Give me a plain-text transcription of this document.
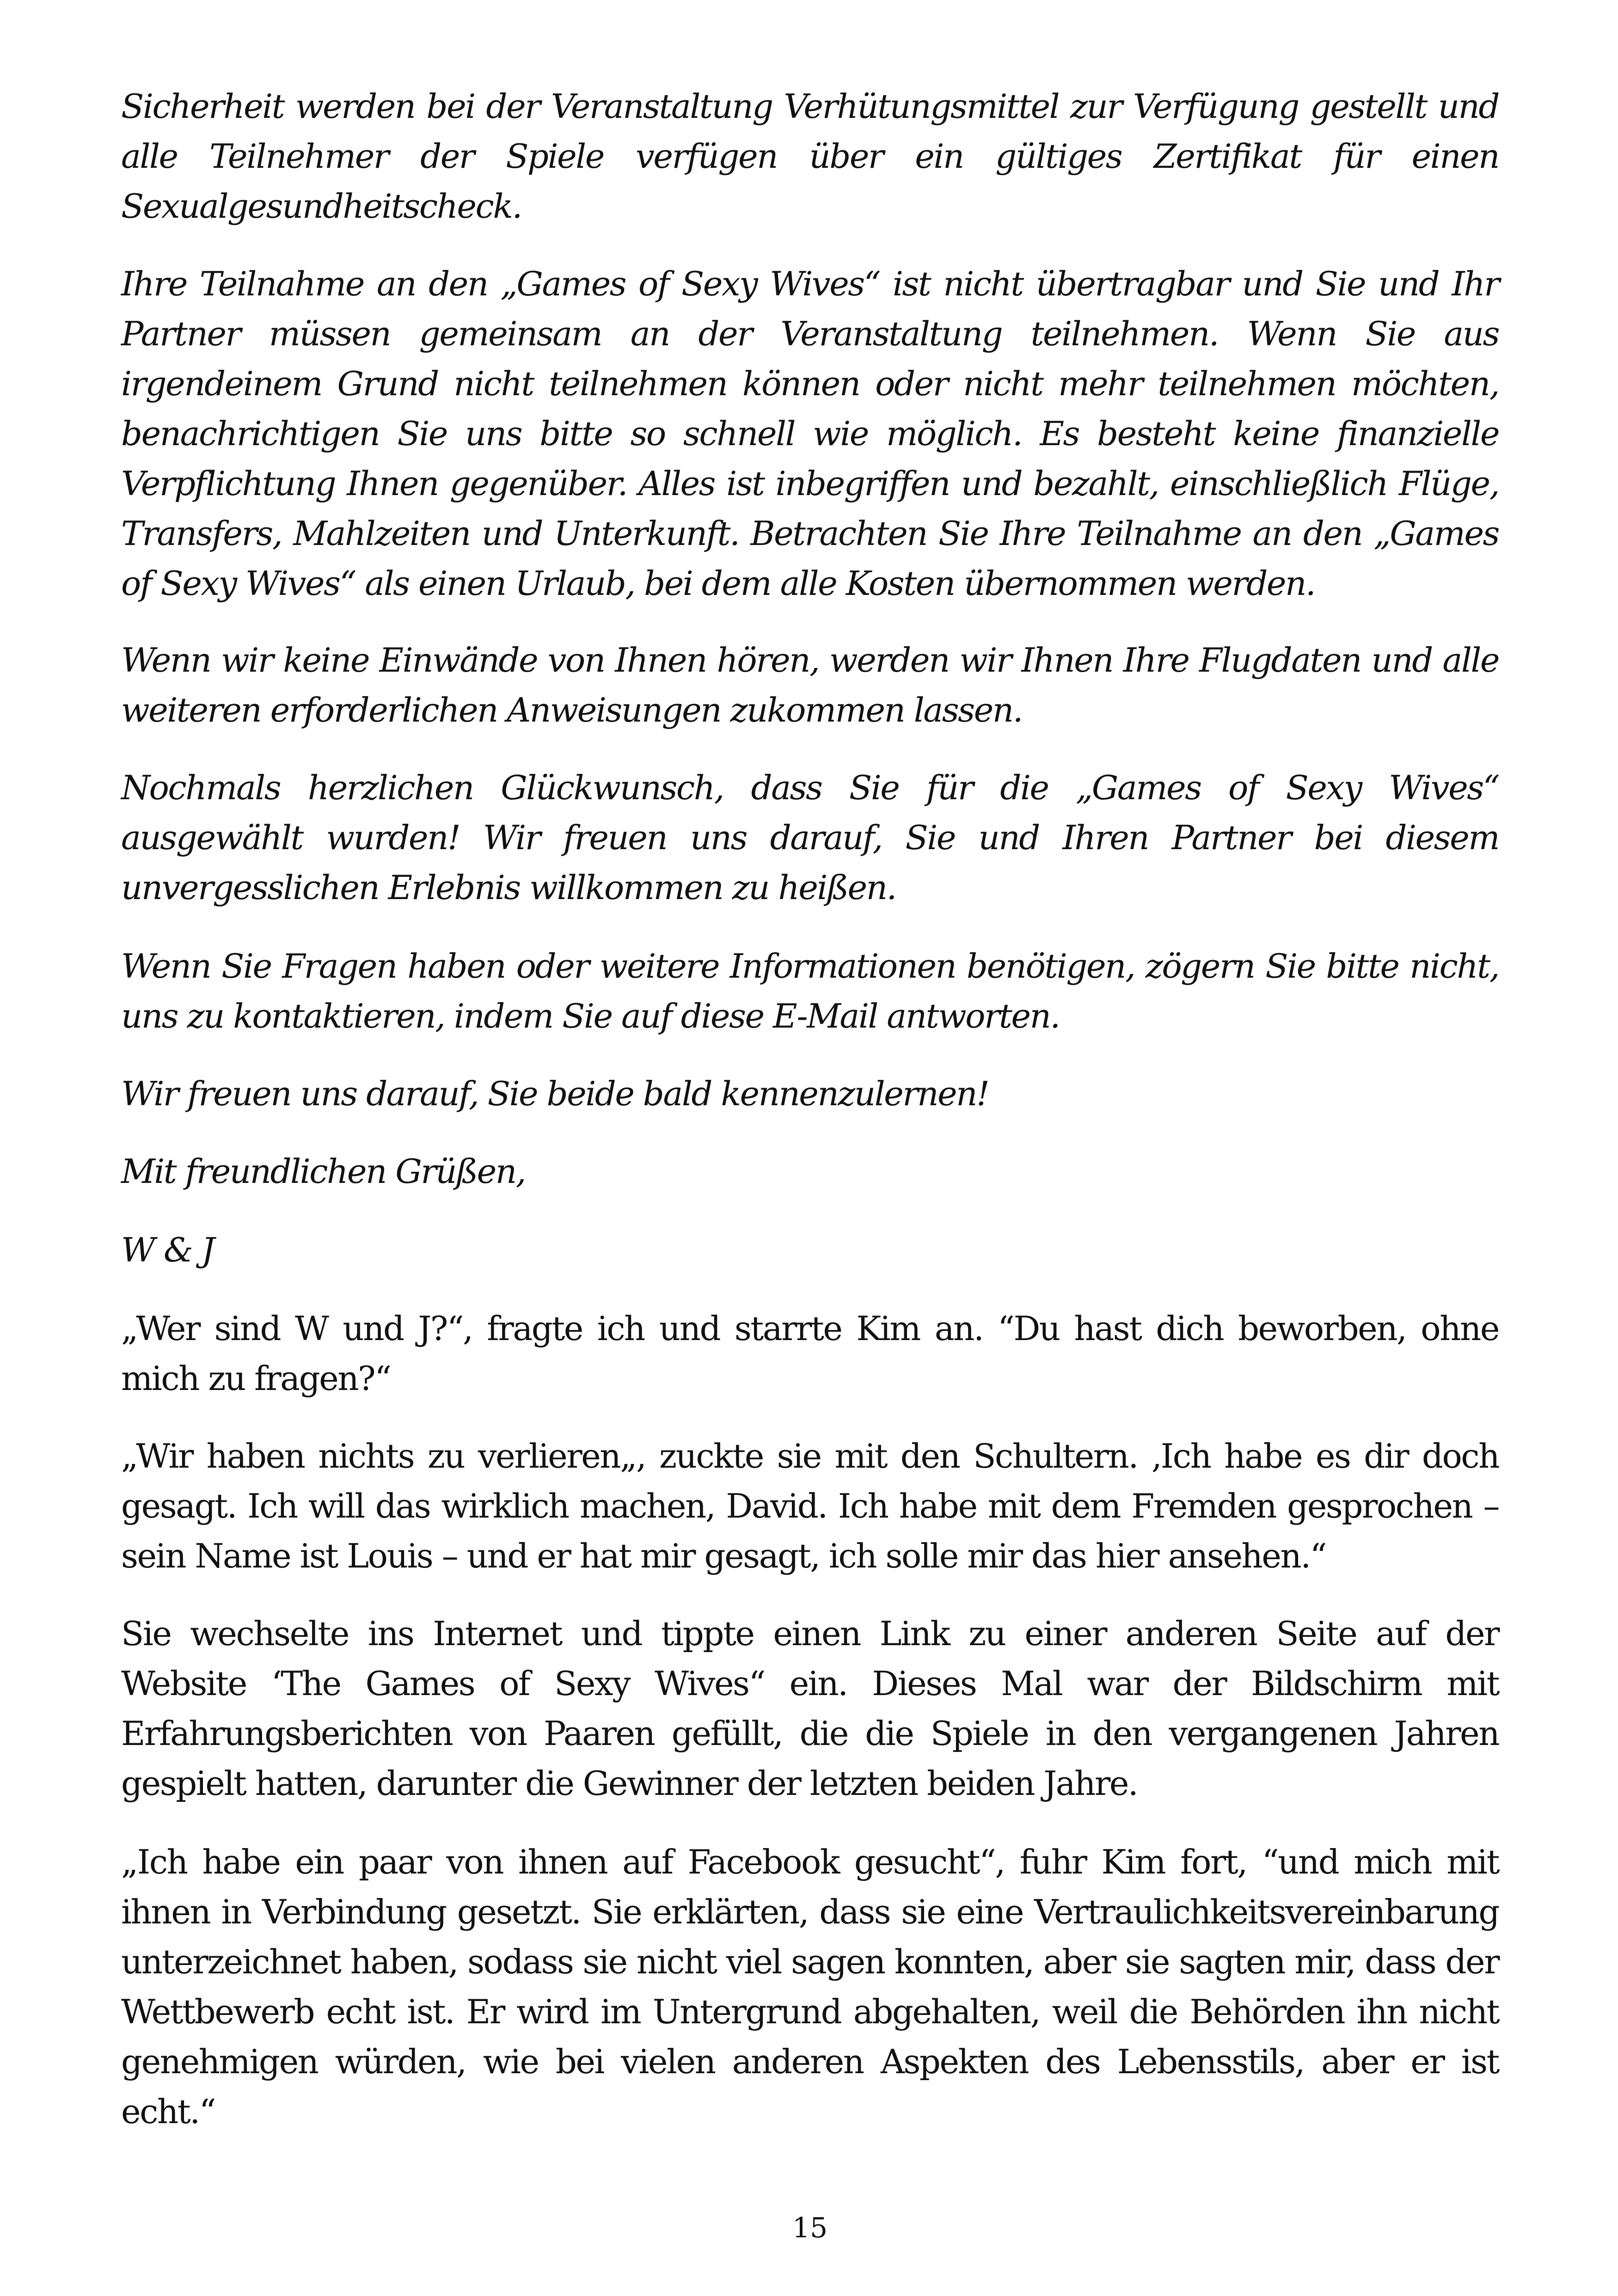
Sicherheit werden bei der Veranstaltung Verhütungsmittel zur Verfügung gestellt und alle Teilnehmer der Spiele verfügen über ein gültiges Zertifikat für einen Sexualgesundheitscheck.

Ihre Teilnahme an den „Games of Sexy Wives“ ist nicht übertragbar und Sie und Ihr Partner müssen gemeinsam an der Veranstaltung teilnehmen. Wenn Sie aus irgendeinem Grund nicht teilnehmen können oder nicht mehr teilnehmen möchten, benachrichtigen Sie uns bitte so schnell wie möglich. Es besteht keine finanzielle Verpflichtung Ihnen gegenüber. Alles ist inbegriffen und bezahlt, einschließlich Flüge, Transfers, Mahlzeiten und Unterkunft. Betrachten Sie Ihre Teilnahme an den „Games of Sexy Wives“ als einen Urlaub, bei dem alle Kosten übernommen werden.

Wenn wir keine Einwände von Ihnen hören, werden wir Ihnen Ihre Flugdaten und alle weiteren erforderlichen Anweisungen zukommen lassen.

Nochmals herzlichen Glückwunsch, dass Sie für die „Games of Sexy Wives“ ausgewählt wurden! Wir freuen uns darauf, Sie und Ihren Partner bei diesem unvergesslichen Erlebnis willkommen zu heißen.

Wenn Sie Fragen haben oder weitere Informationen benötigen, zögern Sie bitte nicht, uns zu kontaktieren, indem Sie auf diese E-Mail antworten.

Wir freuen uns darauf, Sie beide bald kennenzulernen!

Mit freundlichen Grüßen,

W & J

„Wer sind W und J?“, fragte ich und starrte Kim an. “Du hast dich beworben, ohne mich zu fragen?“

„Wir haben nichts zu verlieren„, zuckte sie mit den Schultern. ‚Ich habe es dir doch gesagt. Ich will das wirklich machen, David. Ich habe mit dem Fremden gesprochen – sein Name ist Louis – und er hat mir gesagt, ich solle mir das hier ansehen.“

Sie wechselte ins Internet und tippte einen Link zu einer anderen Seite auf der Website ‘The Games of Sexy Wives“ ein. Dieses Mal war der Bildschirm mit Erfahrungsberichten von Paaren gefüllt, die die Spiele in den vergangenen Jahren gespielt hatten, darunter die Gewinner der letzten beiden Jahre.

„Ich habe ein paar von ihnen auf Facebook gesucht“, fuhr Kim fort, “und mich mit ihnen in Verbindung gesetzt. Sie erklärten, dass sie eine Vertraulichkeitsvereinbarung unterzeichnet haben, sodass sie nicht viel sagen konnten, aber sie sagten mir, dass der Wettbewerb echt ist. Er wird im Untergrund abgehalten, weil die Behörden ihn nicht genehmigen würden, wie bei vielen anderen Aspekten des Lebensstils, aber er ist echt.“

15
